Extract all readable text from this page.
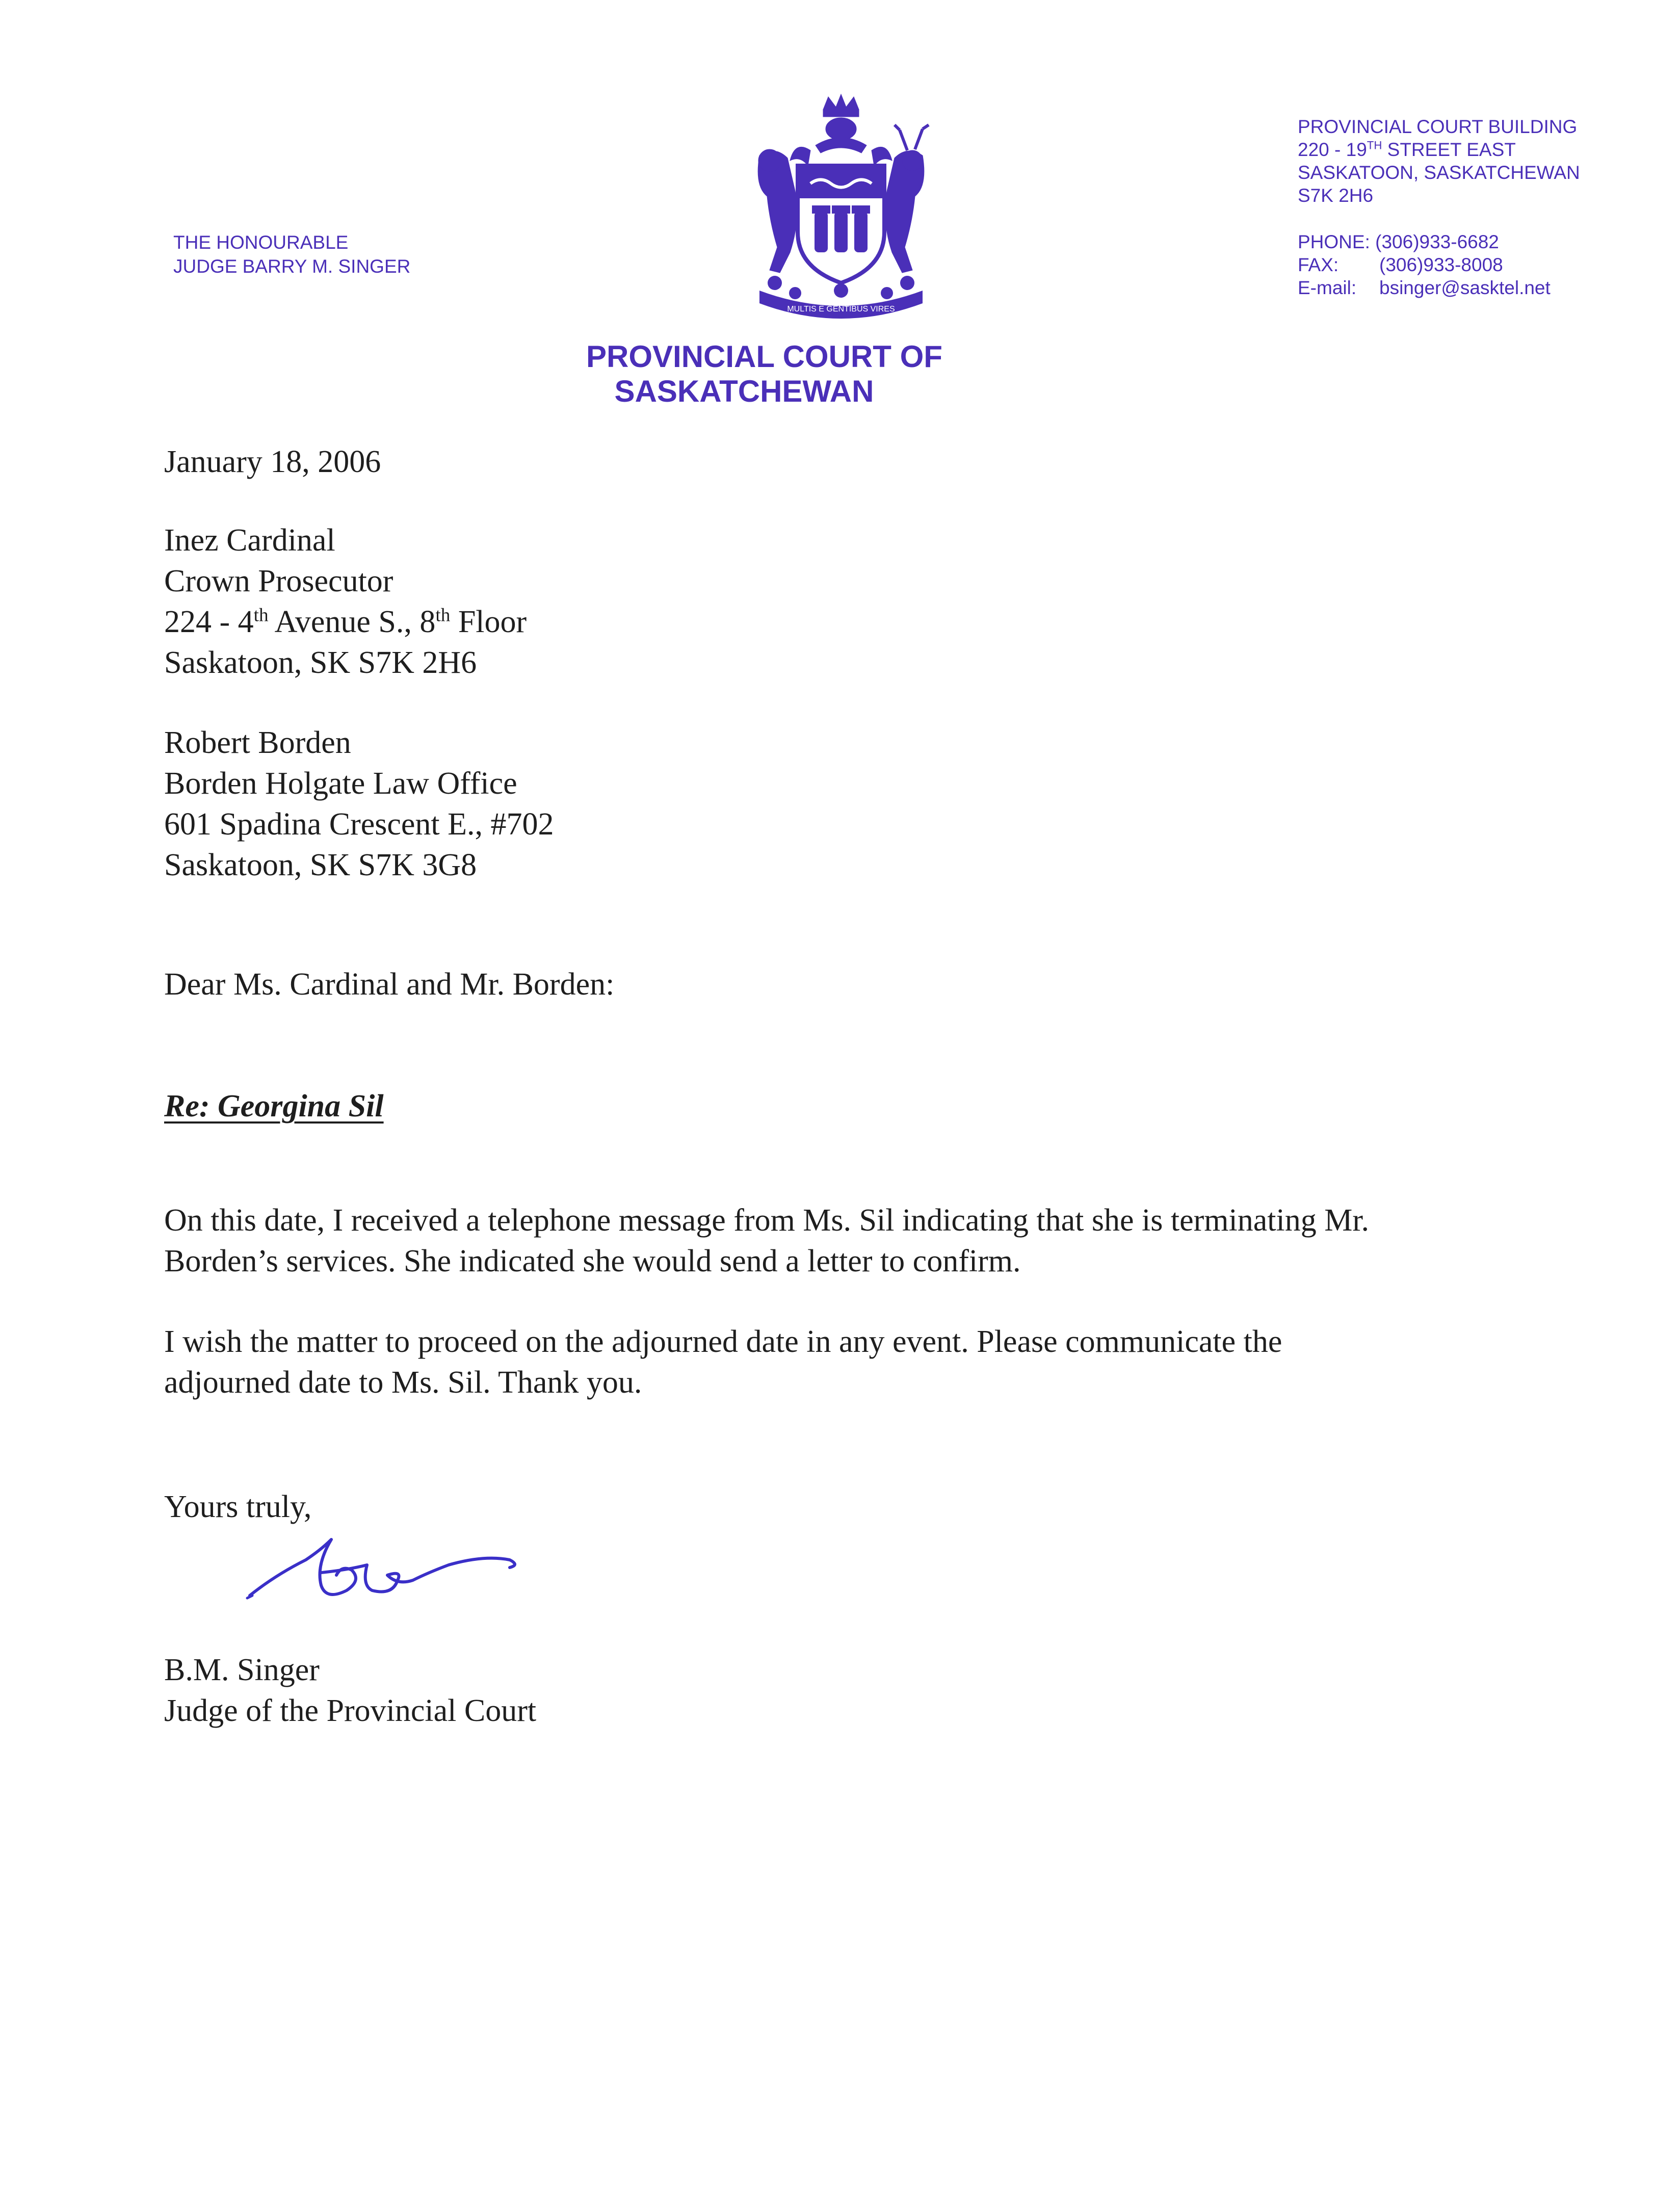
THE HONOURABLE
JUDGE BARRY M. SINGER
MULTIS E GENTIBUS VIRES
PROVINCIAL COURT OF
SASKATCHEWAN
PROVINCIAL COURT BUILDING
220 - 19TH STREET EAST
SASKATOON, SASKATCHEWAN
S7K 2H6
PHONE: (306)933-6682
FAX: (306)933-8008
E-mail: bsinger@sasktel.net
January 18, 2006
Inez Cardinal
Crown Prosecutor
224 - 4th Avenue S., 8th Floor
Saskatoon, SK S7K 2H6
Robert Borden
Borden Holgate Law Office
601 Spadina Crescent E., #702
Saskatoon, SK S7K 3G8
Dear Ms. Cardinal and Mr. Borden:
Re: Georgina Sil
On this date, I received a telephone message from Ms. Sil indicating that she is terminating Mr.
Borden’s services. She indicated she would send a letter to confirm.
I wish the matter to proceed on the adjourned date in any event. Please communicate the
adjourned date to Ms. Sil. Thank you.
Yours truly,
B.M. Singer
Judge of the Provincial Court
